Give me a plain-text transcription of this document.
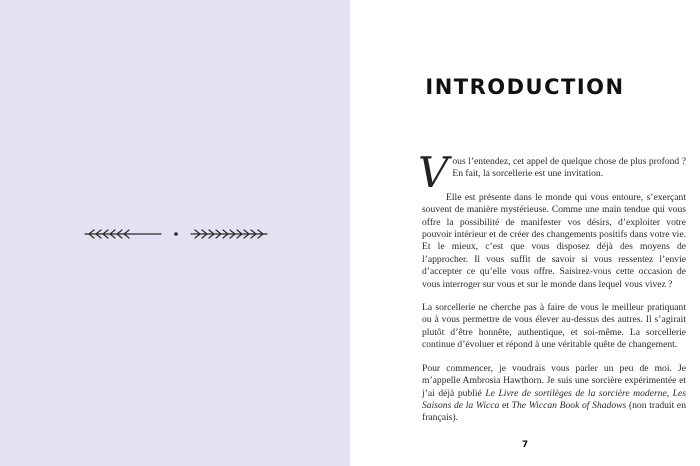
INTRODUCTION

Vous l’entendez, cet appel de quelque chose de plus profond ? En fait, la sorcellerie est une invitation.

Elle est présente dans le monde qui vous entoure, s’exerçant souvent de manière mystérieuse. Comme une main tendue qui vous offre la possibilité de manifester vos désirs, d’exploiter votre pouvoir intérieur et de créer des changements positifs dans votre vie. Et le mieux, c’est que vous disposez déjà des moyens de l’approcher. Il vous suffit de savoir si vous ressentez l’envie d’accepter ce qu’elle vous offre. Saisirez-vous cette occasion de vous interroger sur vous et sur le monde dans lequel vous vivez ?

La sorcellerie ne cherche pas à faire de vous le meilleur pratiquant ou à vous permettre de vous élever au-dessus des autres. Il s’agirait plutôt d’être honnête, authentique, et soi-même. La sorcellerie continue d’évoluer et répond à une véritable quête de changement.

Pour commencer, je voudrais vous parler un peu de moi. Je m’appelle Ambrosia Hawthorn. Je suis une sorcière expérimentée et j’ai déjà publié Le Livre de sortilèges de la sorcière moderne, Les Saisons de la Wicca et The Wiccan Book of Shadows (non traduit en français).

7
